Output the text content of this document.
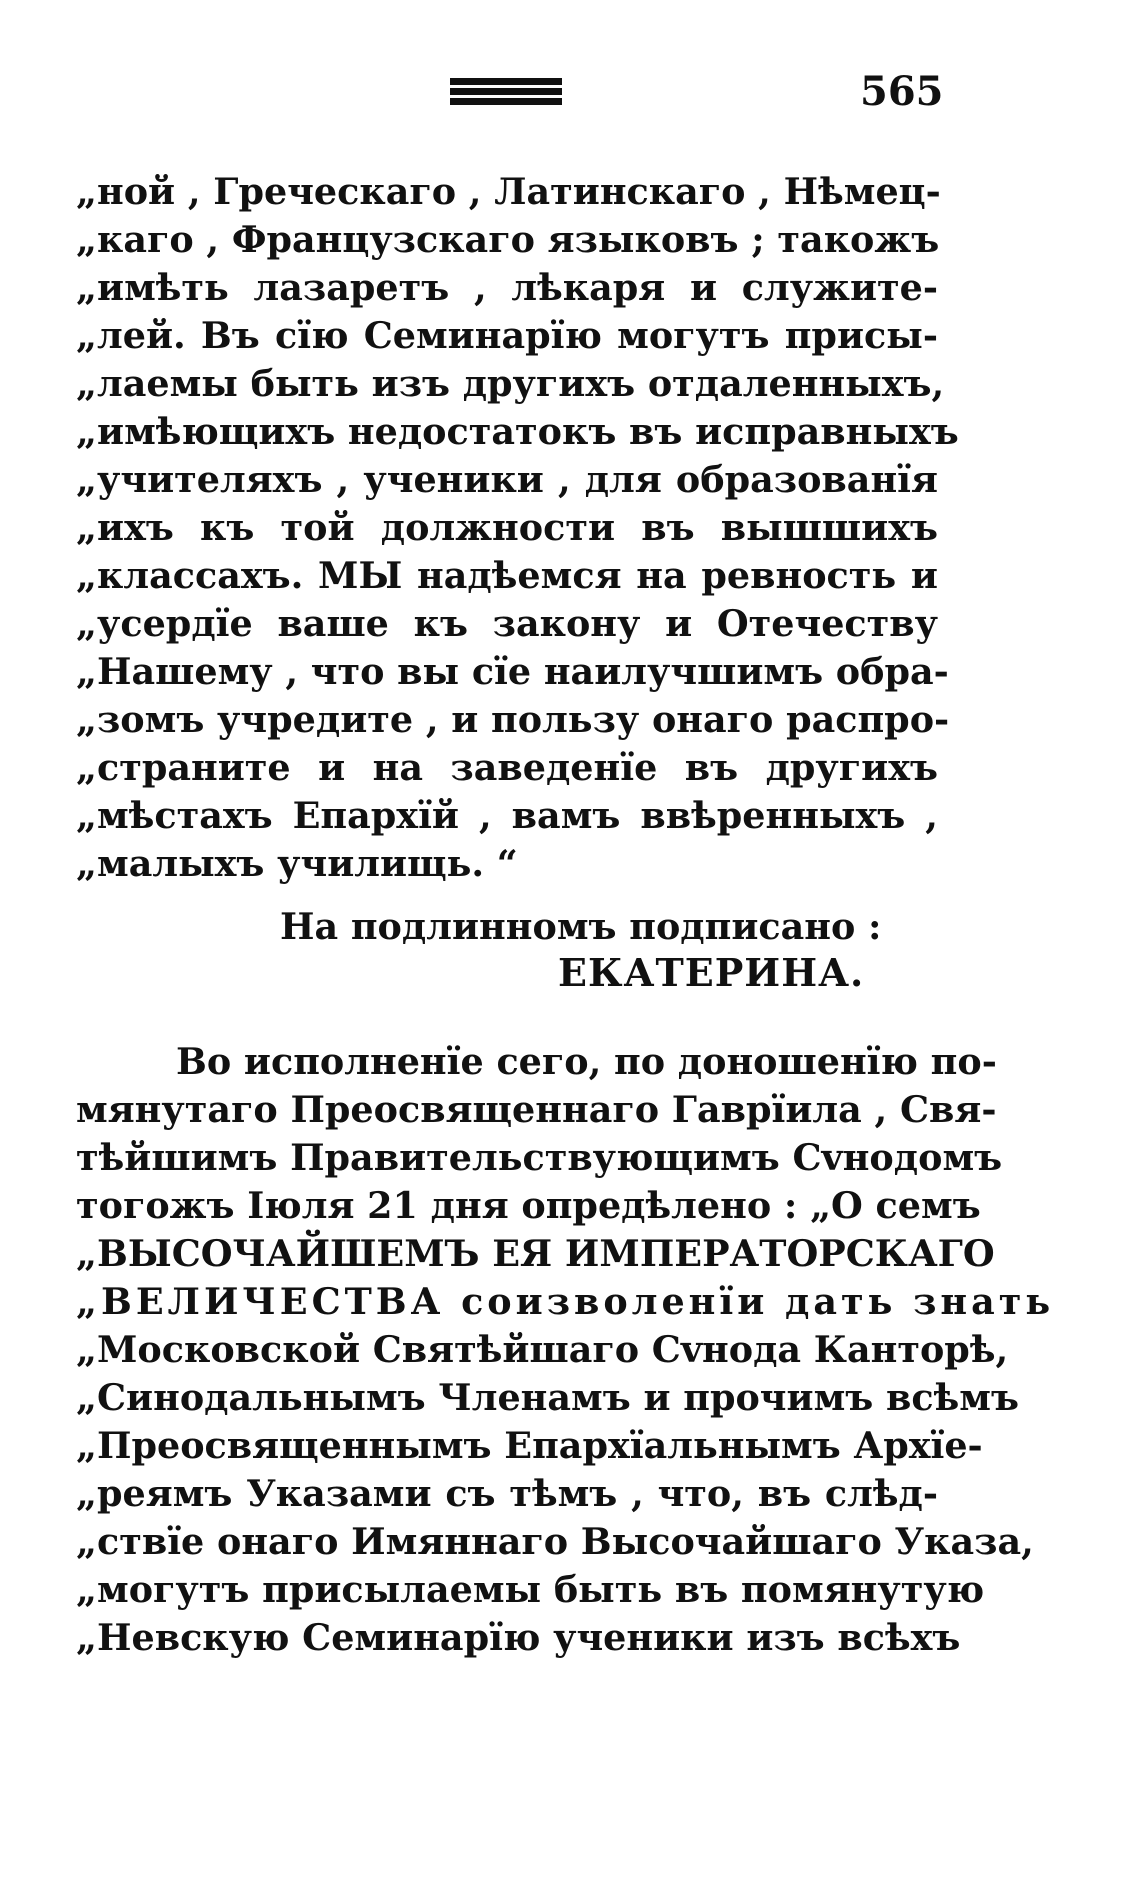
565
„ной , Греческаго , Латинскаго , Нѣмец-
„каго , Французскаго языковъ ; такожъ
„имѣть лазаретъ , лѣкаря и служите-
„лей. Въ сїю Семинарїю могутъ присы-
„лаемы быть изъ другихъ отдаленныхъ,
„имѣющихъ недостатокъ въ исправныхъ
„учителяхъ , ученики , для образованїя
„ихъ къ той должности въ вышшихъ
„классахъ. МЫ надѣемся на ревность и
„усердїе ваше къ закону и Отечеству
„Нашему , что вы сїе наилучшимъ обра-
„зомъ учредите , и пользу онаго распро-
„страните и на заведенїе въ другихъ
„мѣстахъ Епархїй , вамъ ввѣренныхъ ,
„малыхъ училищь. “
На подлинномъ подписано :
ЕКАТЕРИНА.
Во исполненїе сего, по доношенїю по-
мянутаго Преосвященнаго Гаврїила , Свя-
тѣйшимъ Правительствующимъ Сvнодомъ
тогожъ Іюля 21 дня опредѣлено : „О семъ
„ВЫСОЧАЙШЕМЪ ЕЯ ИМПЕРАТОРСКАГО
„ВЕЛИЧЕСТВА соизволенїи дать знать
„Московской Святѣйшаго Сvнода Канторѣ,
„Синодальнымъ Членамъ и прочимъ всѣмъ
„Преосвященнымъ Епархїальнымъ Архїе-
„реямъ Указами съ тѣмъ , что, въ слѣд-
„ствїе онаго Имяннаго Высочайшаго Указа,
„могутъ присылаемы быть въ помянутую
„Невскую Семинарїю ученики изъ всѣхъ
